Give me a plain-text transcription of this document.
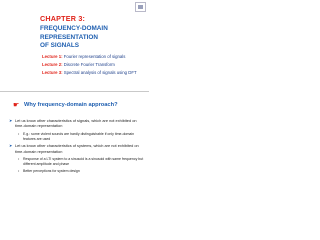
CHAPTER 3:
FREQUENCY-DOMAIN REPRESENTATION
OF SIGNALS
Lecture 1: Fourier representation of signals
Lecture 2: Discrete Fourier Transform
Lecture 3: Spectral analysis of signals using DFT
☛ Why frequency-domain approach?
➤ Let us know other characteristics of signals, which are not exhibited on time-domain representation
• E.g.: some violent sounds are hardly distinguishable if only time-domain features are used
➤ Let us know other characteristics of systems, which are not exhibited on time-domain representation
• Response of a LTI system to a sinusoid is a sinusoid with same frequency but different amplitude and phase
• Better perceptions for system design
